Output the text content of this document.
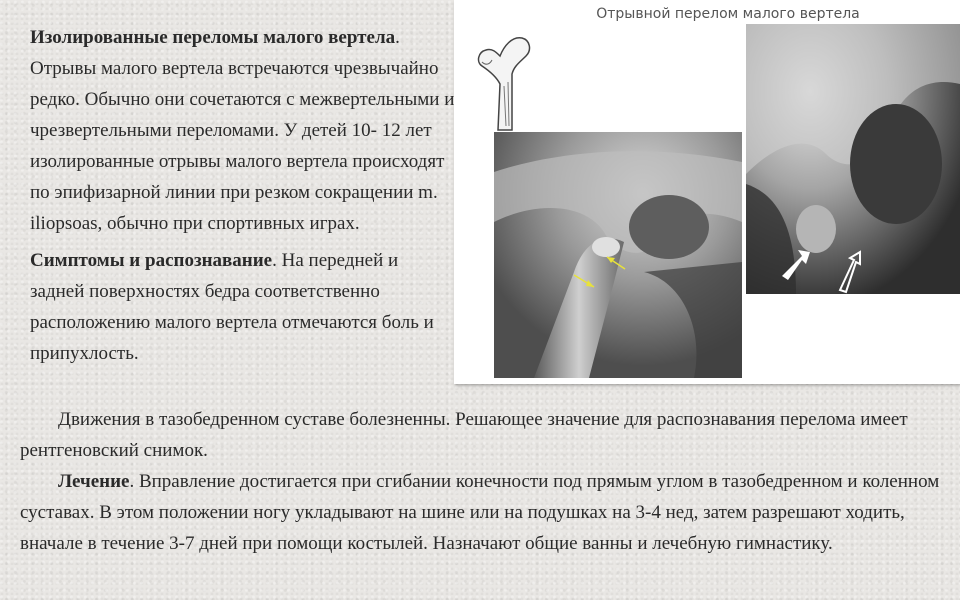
Изолированные переломы малого вертела. Отрывы малого вертела встречаются чрезвычайно редко. Обычно они сочетаются с межвертельными и чрезвертельными переломами. У детей 10- 12 лет изолированные отрывы малого вертела происходят по эпифизарной линии при резком сокращении m. iliopsoas, обычно при спортивных играх.

Симптомы и распознавание. На передней и задней поверхностях бедра соответственно расположению малого вертела отмечаются боль и припухлость.

Отрывной перелом малого вертела

Движения в тазобедренном суставе болезненны. Решающее значение для распознавания перелома имеет рентгеновский снимок.

Лечение. Вправление достигается при сгибании конечности под прямым углом в тазобедренном и коленном суставах. В этом положении ногу укладывают на шине или на подушках на 3-4 нед, затем разрешают ходить, вначале в течение 3-7 дней при помощи костылей. Назначают общие ванны и лечебную гимнастику.
